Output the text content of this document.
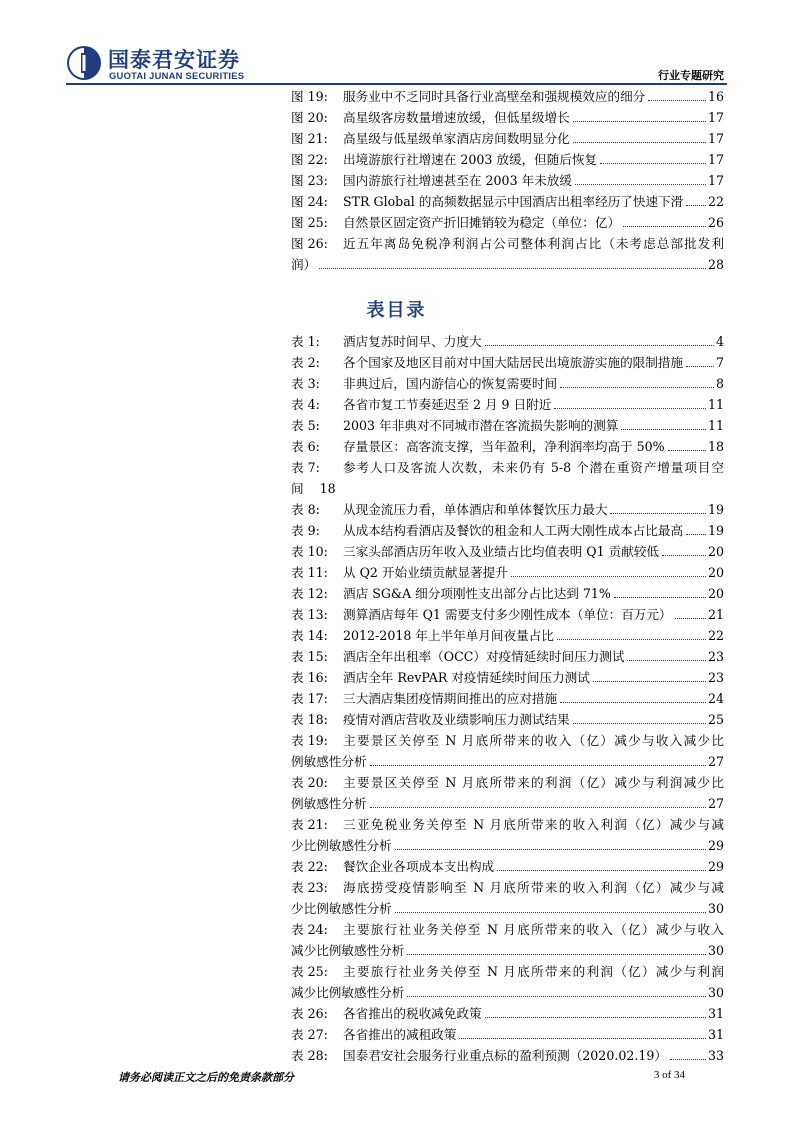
国泰君安证券
GUOTAI JUNAN SECURITIES	行业专题研究
图 19:	服务业中不乏同时具备行业高壁垒和强规模效应的细分	16
图 20:	高星级客房数量增速放缓，但低星级增长	17
图 21:	高星级与低星级单家酒店房间数明显分化	17
图 22:	出境游旅行社增速在 2003 放缓，但随后恢复	17
图 23:	国内游旅行社增速甚至在 2003 年未放缓	17
图 24:	STR Global 的高频数据显示中国酒店出租率经历了快速下滑 22
图 25:	自然景区固定资产折旧摊销较为稳定（单位：亿）	26
图 26:	近五年离岛免税净利润占公司整体利润占比（未考虑总部批发利
润）	28
表目录
表 1:	酒店复苏时间早、力度大	4
表 2:	各个国家及地区目前对中国大陆居民出境旅游实施的限制措施	7
表 3:	非典过后，国内游信心的恢复需要时间	8
表 4:	各省市复工节奏延迟至 2 月 9 日附近	11
表 5:	2003 年非典对不同城市潜在客流损失影响的测算	11
表 6:	存量景区：高客流支撑，当年盈利，净利润率均高于 50%	18
表 7:	参考人口及客流人次数，未来仍有 5-8 个潜在重资产增量项目空
间 18
表 8:	从现金流压力看，单体酒店和单体餐饮压力最大	19
表 9:	从成本结构看酒店及餐饮的租金和人工两大刚性成本占比最高 19
表 10:	三家头部酒店历年收入及业绩占比均值表明 Q1 贡献较低	20
表 11:	从 Q2 开始业绩贡献显著提升	20
表 12:	酒店 SG&A 细分项刚性支出部分占比达到 71%	20
表 13:	测算酒店每年 Q1 需要支付多少刚性成本（单位：百万元）	21
表 14:	2012-2018 年上半年单月间夜量占比	22
表 15:	酒店全年出租率（OCC）对疫情延续时间压力测试	23
表 16:	酒店全年 RevPAR 对疫情延续时间压力测试	23
表 17:	三大酒店集团疫情期间推出的应对措施	24
表 18:	疫情对酒店营收及业绩影响压力测试结果	25
表 19:	主要景区关停至 N 月底所带来的收入（亿）减少与收入减少比
例敏感性分析	27
表 20:	主要景区关停至 N 月底所带来的利润（亿）减少与利润减少比
例敏感性分析	27
表 21:	三亚免税业务关停至 N 月底所带来的收入利润（亿）减少与减
少比例敏感性分析	29
表 22:	餐饮企业各项成本支出构成	29
表 23:	海底捞受疫情影响至 N 月底所带来的收入利润（亿）减少与减
少比例敏感性分析	30
表 24:	主要旅行社业务关停至 N 月底所带来的收入（亿）减少与收入
减少比例敏感性分析	30
表 25:	主要旅行社业务关停至 N 月底所带来的利润（亿）减少与利润
减少比例敏感性分析	30
表 26:	各省推出的税收减免政策	31
表 27:	各省推出的减租政策	31
表 28:	国泰君安社会服务行业重点标的盈利预测（2020.02.19）	33
请务必阅读正文之后的免责条款部分	3 of 34
